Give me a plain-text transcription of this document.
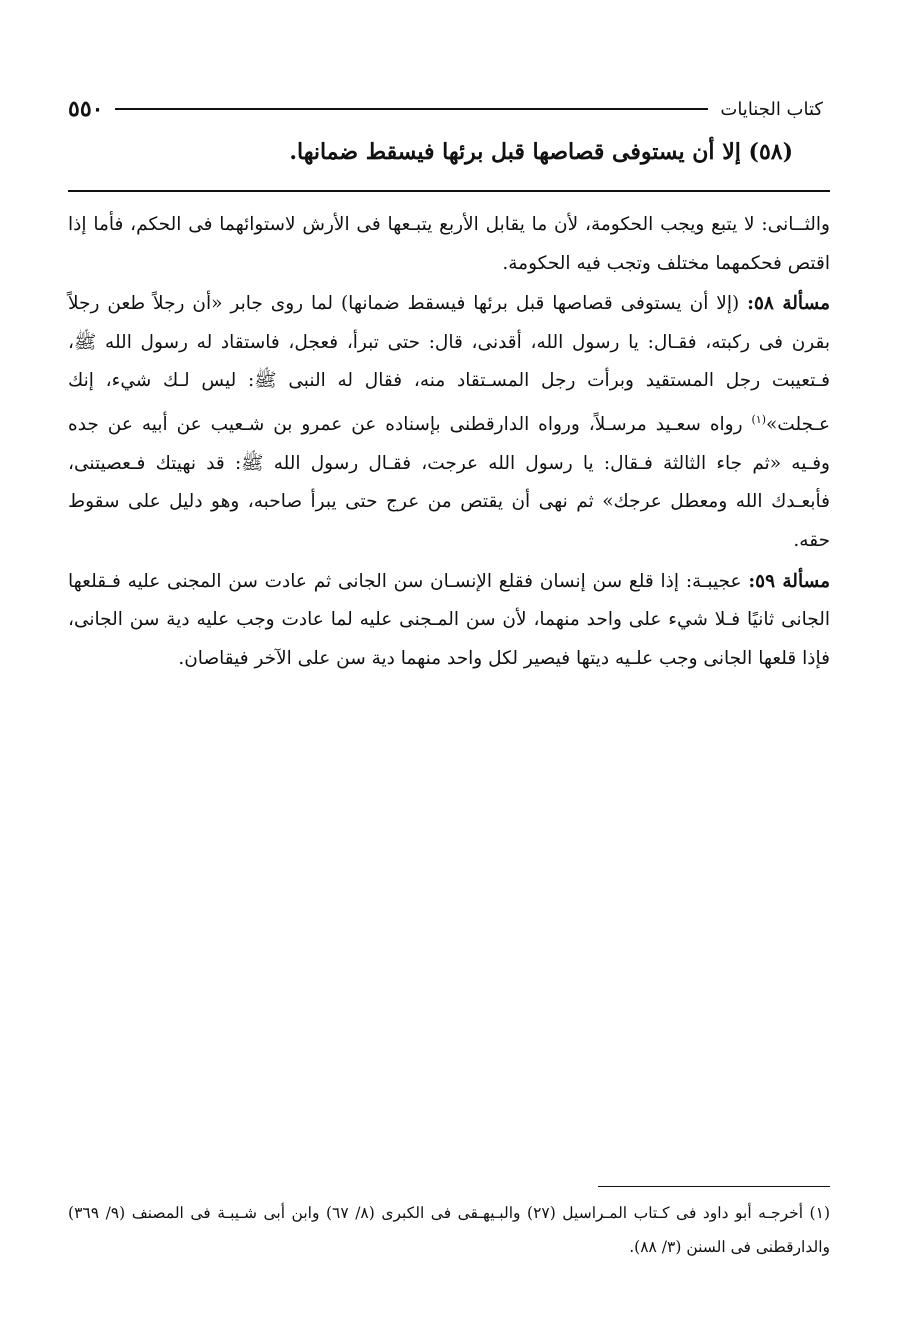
٥٥٠	كتاب الجنايات
(٥٨) إلا أن يستوفى قصاصها قبل برئها فيسقط ضمانها.

والثــانى: لا يتبع ويجب الحكومة، لأن ما يقابل الأربع يتبـعها فى الأرش لاستوائهما فى الحكم، فأما إذا اقتص فحكمهما مختلف وتجب فيه الحكومة.

مسألة ٥٨: (إلا أن يستوفى قصاصها قبل برئها فيسقط ضمانها) لما روى جابر «أن رجلاً طعن رجلاً بقرن فى ركبته، فقـال: يا رسول الله، أقدنى، قال: حتى تبرأ، فعجل، فاستقاد له رسول الله ﷺ، فـتعيبت رجل المستقيد وبرأت رجل المسـتقاد منه، فقال له النبى ﷺ: ليس لـك شيء، إنك عـجلت»$^{(١)}$ رواه سعـيد مرسـلاً، ورواه الدارقطنى بإسناده عن عمرو بن شـعيب عن أبيه عن جده وفـيه «ثم جاء الثالثة فـقال: يا رسول الله عرجت، فقـال رسول الله ﷺ: قد نهيتك فـعصيتنى، فأبعـدك الله ومعطل عرجك» ثم نهى أن يقتص من عرج حتى يبرأ صاحبه، وهو دليل على سقوط حقه.

مسألة ٥٩: عجيبـة: إذا قلع سن إنسان فقلع الإنسـان سن الجانى ثم عادت سن المجنى عليه فـقلعها الجانى ثانيًا فـلا شيء على واحد منهما، لأن سن المـجنى عليه لما عادت وجب عليه دية سن الجانى، فإذا قلعها الجانى وجب علـيه ديتها فيصير لكل واحد منهما دية سن على الآخر فيقاصان.

(١) أخرجـه أبو داود فى كـتاب المـراسيل (٢٧) والبـيهـقى فى الكبرى (٨/ ٦٧) وابن أبى شـيبـة فى المصنف (٩/ ٣٦٩) والدارقطنى فى السنن (٣/ ٨٨).
